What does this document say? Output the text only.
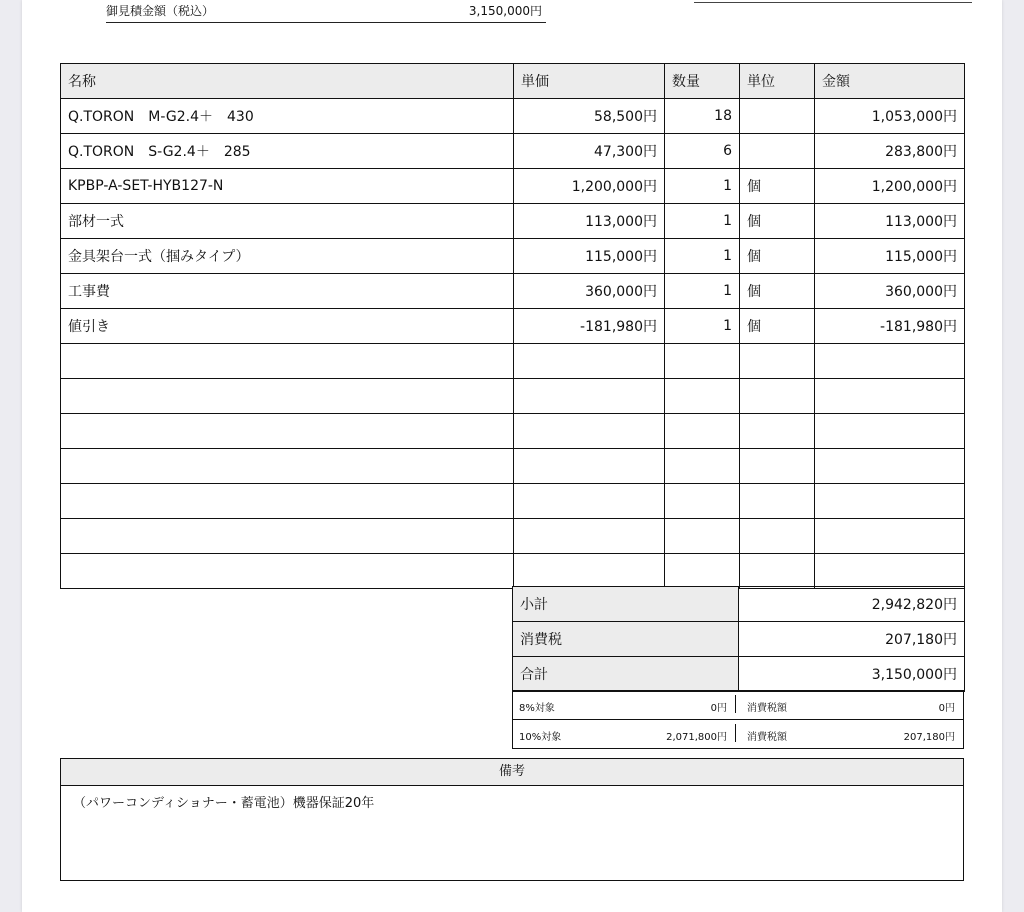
御見積金額（税込）	3,150,000円
名称	単価	数量	単位	金額
Q.TORON　M-G2.4＋　430	58,500円	18		1,053,000円
Q.TORON　S-G2.4＋　285	47,300円	6		283,800円
KPBP-A-SET-HYB127-N	1,200,000円	1	個	1,200,000円
部材一式	113,000円	1	個	113,000円
金具架台一式（掴みタイプ）	115,000円	1	個	115,000円
工事費	360,000円	1	個	360,000円
値引き	-181,980円	1	個	-181,980円

小計	2,942,820円
消費税	207,180円
合計	3,150,000円
8%対象	0円 消費税額	0円
10%対象	2,071,800円 消費税額	207,180円
備考
（パワーコンディショナー・蓄電池）機器保証20年
